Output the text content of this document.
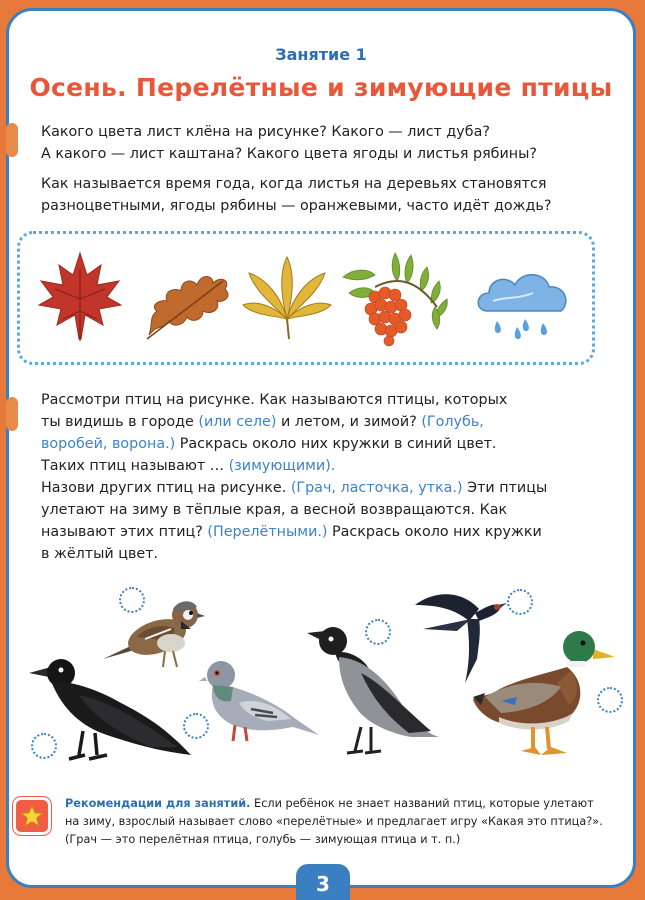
Занятие 1
Осень. Перелётные и зимующие птицы
Какого цвета лист клёна на рисунке? Какого — лист дуба?
А какого — лист каштана? Какого цвета ягоды и листья рябины?
Как называется время года, когда листья на деревьях становятся
разноцветными, ягоды рябины — оранжевыми, часто идёт дождь?
Рассмотри птиц на рисунке. Как называются птицы, которых
ты видишь в городе (или селе) и летом, и зимой? (Голубь,
воробей, ворона.) Раскрась около них кружки в синий цвет.
Таких птиц называют … (зимующими).
Назови других птиц на рисунке. (Грач, ласточка, утка.) Эти птицы
улетают на зиму в тёплые края, а весной возвращаются. Как
называют этих птиц? (Перелётными.) Раскрась около них кружки
в жёлтый цвет.
Рекомендации для занятий. Если ребёнок не знает названий птиц, которые улетают
на зиму, взрослый называет слово «перелётные» и предлагает игру «Какая это птица?».
(Грач — это перелётная птица, голубь — зимующая птица и т. п.)
3
